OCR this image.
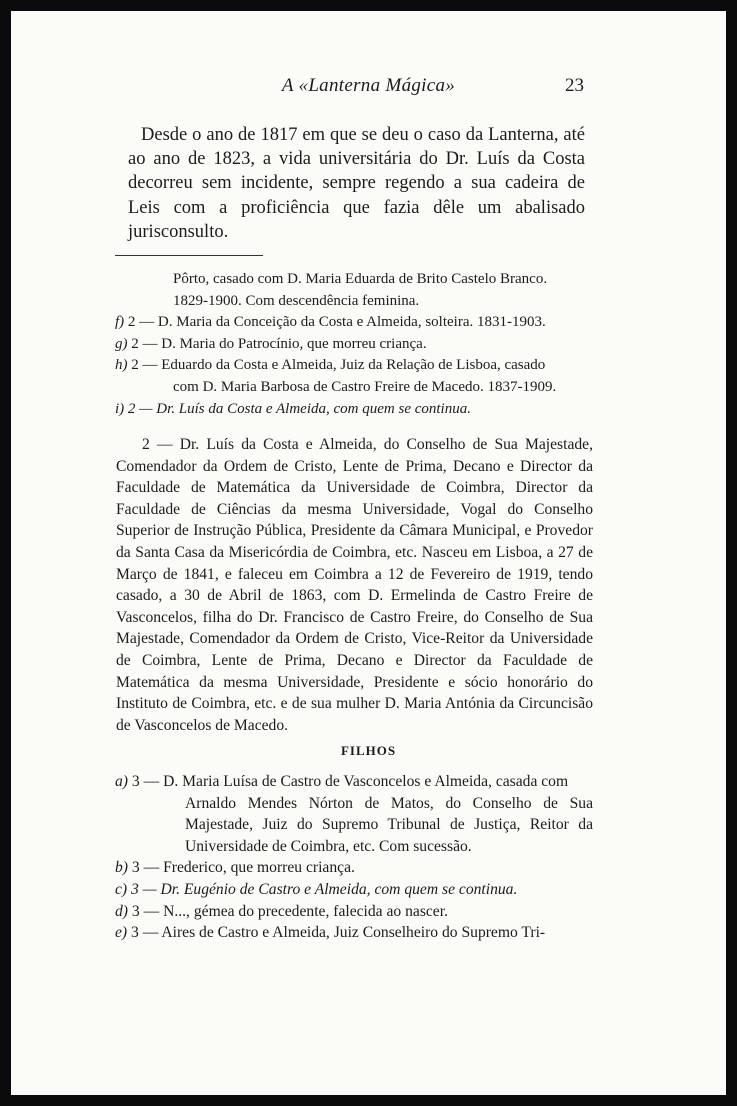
A «Lanterna Mágica»	23

Desde o ano de 1817 em que se deu o caso da Lanterna, até ao ano de 1823, a vida universitária do Dr. Luís da Costa decorreu sem incidente, sempre regendo a sua cadeira de Leis com a proficiência que fazia dêle um abalisado jurisconsulto.

Pôrto, casado com D. Maria Eduarda de Brito Castelo Branco.
1829-1900. Com descendência feminina.
f) 2 — D. Maria da Conceição da Costa e Almeida, solteira. 1831-1903.
g) 2 — D. Maria do Patrocínio, que morreu criança.
h) 2 — Eduardo da Costa e Almeida, Juiz da Relação de Lisboa, casado
com D. Maria Barbosa de Castro Freire de Macedo. 1837-1909.
i) 2 — Dr. Luís da Costa e Almeida, com quem se continua.

2 — Dr. Luís da Costa e Almeida, do Conselho de Sua Majestade, Comendador da Ordem de Cristo, Lente de Prima, Decano e Director da Faculdade de Matemática da Universidade de Coimbra, Director da Faculdade de Ciências da mesma Universidade, Vogal do Conselho Superior de Instrução Pública, Presidente da Câmara Municipal, e Provedor da Santa Casa da Misericórdia de Coimbra, etc. Nasceu em Lisboa, a 27 de Março de 1841, e faleceu em Coimbra a 12 de Fevereiro de 1919, tendo casado, a 30 de Abril de 1863, com D. Ermelinda de Castro Freire de Vasconcelos, filha do Dr. Francisco de Castro Freire, do Conselho de Sua Majestade, Comendador da Ordem de Cristo, Vice-Reitor da Universidade de Coimbra, Lente de Prima, Decano e Director da Faculdade de Matemática da mesma Universidade, Presidente e sócio honorário do Instituto de Coimbra, etc. e de sua mulher D. Maria Antónia da Circuncisão de Vasconcelos de Macedo.

FILHOS
a) 3 — D. Maria Luísa de Castro de Vasconcelos e Almeida, casada com
Arnaldo Mendes Nórton de Matos, do Conselho de Sua Majestade, Juiz do Supremo Tribunal de Justiça, Reitor da Universidade de Coimbra, etc. Com sucessão.
b) 3 — Frederico, que morreu criança.
c) 3 — Dr. Eugénio de Castro e Almeida, com quem se continua.
d) 3 — N..., gémea do precedente, falecida ao nascer.
e) 3 — Aires de Castro e Almeida, Juiz Conselheiro do Supremo Tri-
